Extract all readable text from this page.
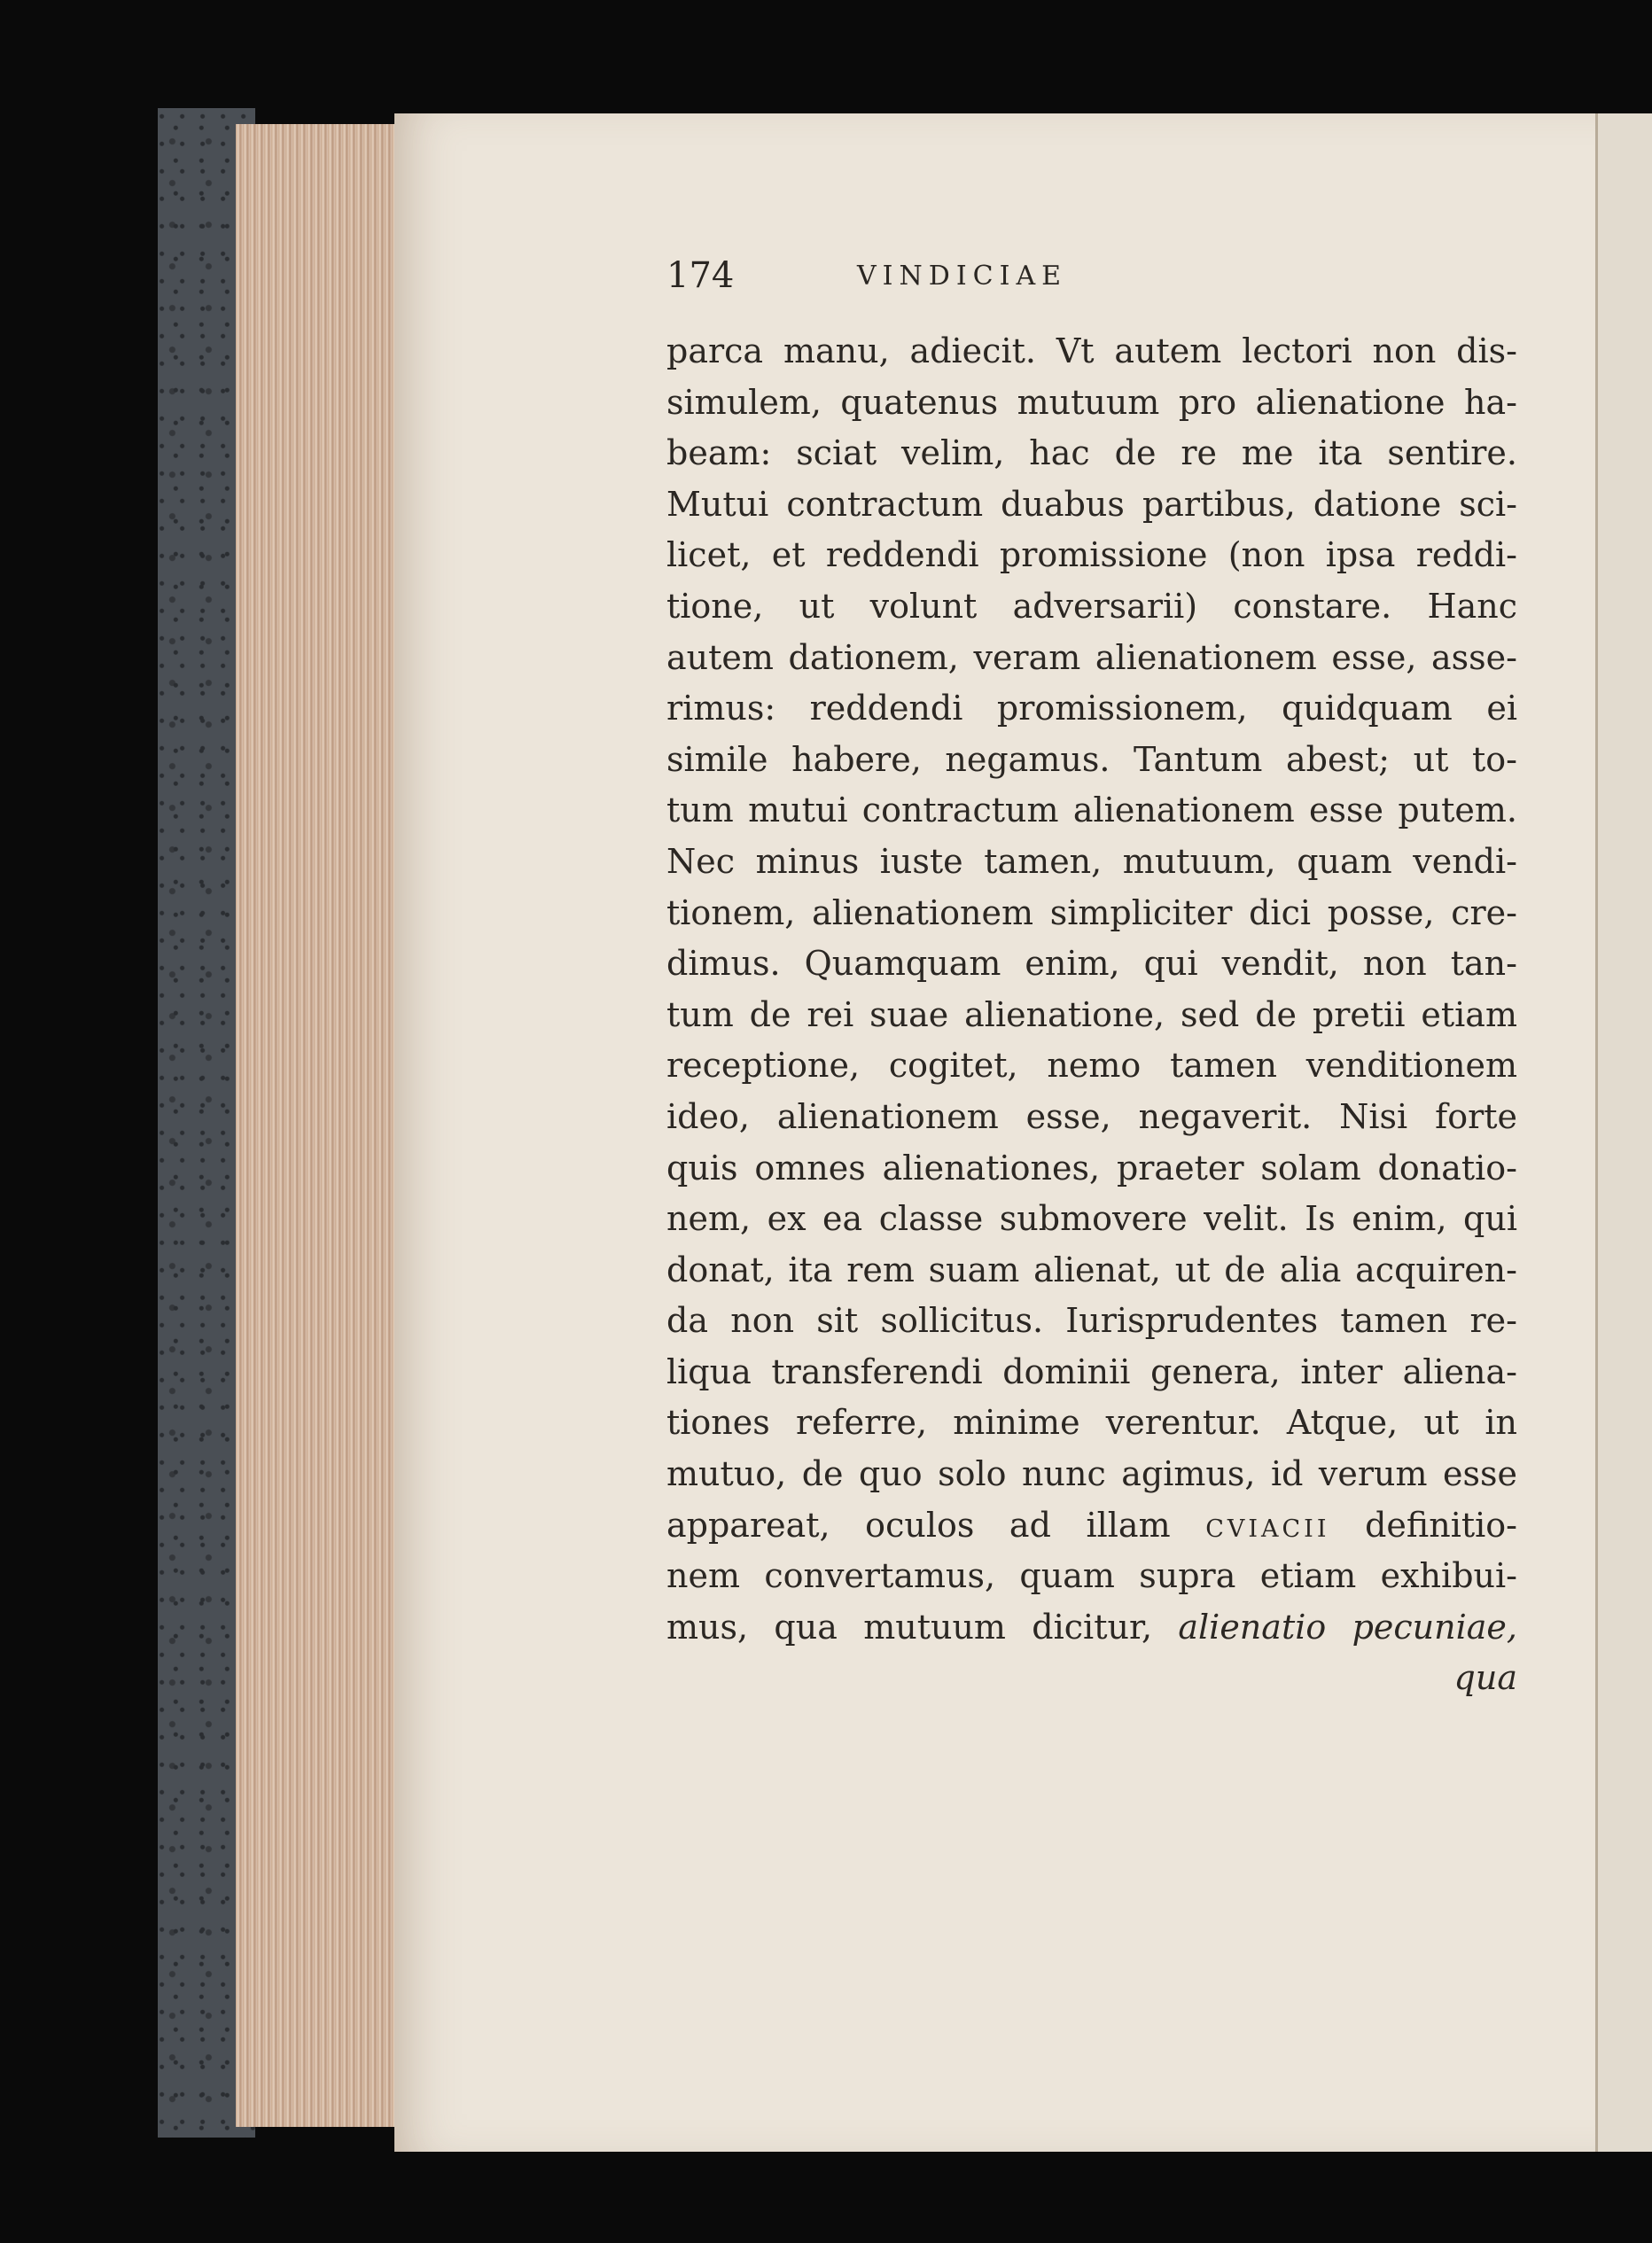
174	VINDICIAE
parca manu, adiecit. Vt autem lectori non dis-
simulem, quatenus mutuum pro alienatione ha-
beam: sciat velim, hac de re me ita sentire.
Mutui contractum duabus partibus, datione sci-
licet, et reddendi promissione (non ipsa reddi-
tione, ut volunt adversarii) constare. Hanc
autem dationem, veram alienationem esse, asse-
rimus: reddendi promissionem, quidquam ei
simile habere, negamus. Tantum abest; ut to-
tum mutui contractum alienationem esse putem.
Nec minus iuste tamen, mutuum, quam vendi-
tionem, alienationem simpliciter dici posse, cre-
dimus. Quamquam enim, qui vendit, non tan-
tum de rei suae alienatione, sed de pretii etiam
receptione, cogitet, nemo tamen venditionem
ideo, alienationem esse, negaverit. Nisi forte
quis omnes alienationes, praeter solam donatio-
nem, ex ea classe submovere velit. Is enim, qui
donat, ita rem suam alienat, ut de alia acquiren-
da non sit sollicitus. Iurisprudentes tamen re-
liqua transferendi dominii genera, inter aliena-
tiones referre, minime verentur. Atque, ut in
mutuo, de quo solo nunc agimus, id verum esse
appareat, oculos ad illam cviacii definitio-
nem convertamus, quam supra etiam exhibui-
mus, qua mutuum dicitur, alienatio pecuniae,
qua
